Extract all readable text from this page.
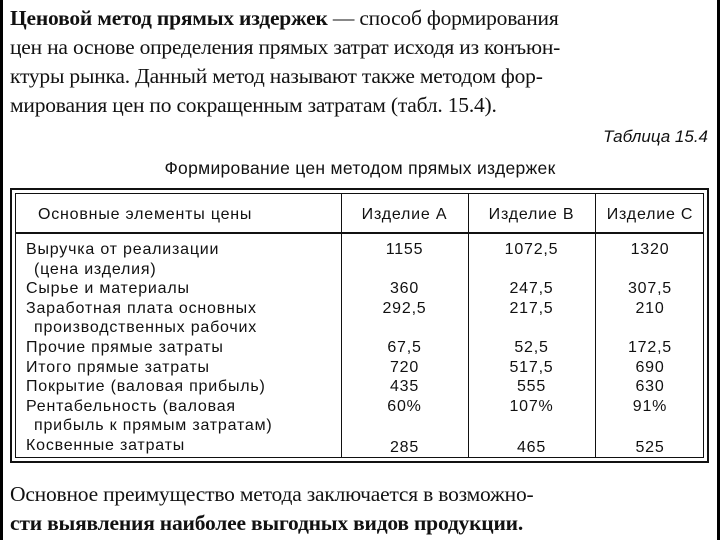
Ценовой метод прямых издержек — способ формирования
цен на основе определения прямых затрат исходя из конъюн-
ктуры рынка. Данный метод называют также методом фор-
мирования цен по сокращенным затратам (табл. 15.4).
Таблица 15.4
Формирование цен методом прямых издержек
Основные элементы цены	Изделие А	Изделие В	Изделие С
Выручка от реализации
(цена изделия)
1155	1072,5	1320
Сырье и материалы	360	247,5	307,5
Заработная плата основных
производственных рабочих
292,5	217,5	210
Прочие прямые затраты	67,5	52,5	172,5
Итого прямые затраты	720	517,5	690
Покрытие (валовая прибыль)	435	555	630
Рентабельность (валовая
прибыль к прямым затратам)
60%	107%	91%
Косвенные затраты	285	465	525
Основное преимущество метода заключается в возможно-
сти выявления наиболее выгодных видов продукции.
